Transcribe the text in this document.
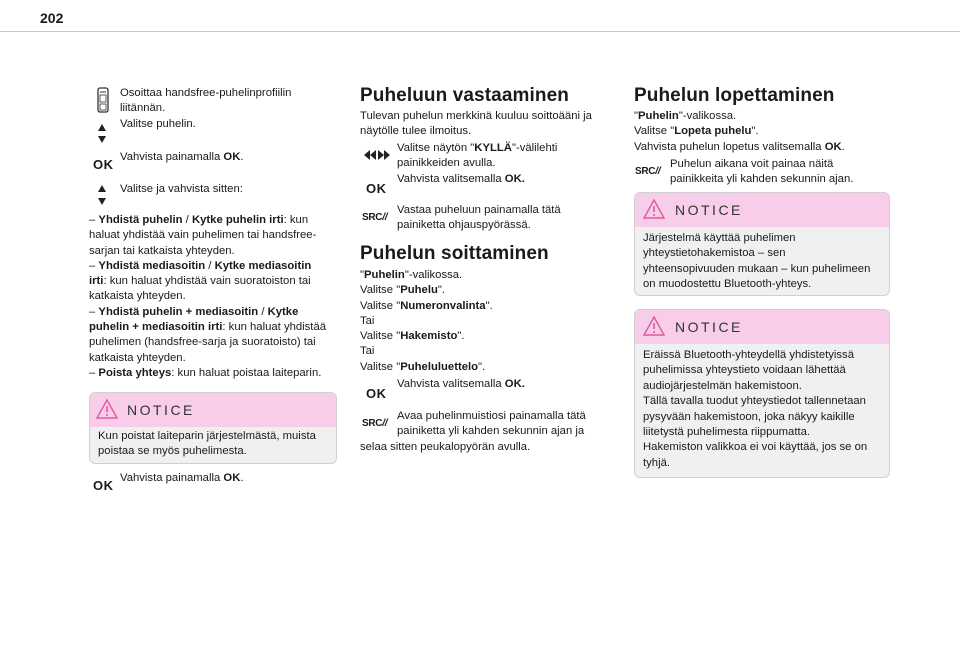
202
Osoittaa handsfree-puhelinprofiilin
liitännän.
Valitse puhelin.
OK Vahvista painamalla OK.
Valitse ja vahvista sitten:
– Yhdistä puhelin / Kytke puhelin irti: kun
haluat yhdistää vain puhelimen tai handsfree-
sarjan tai katkaista yhteyden.
– Yhdistä mediasoitin / Kytke mediasoitin
irti: kun haluat yhdistää vain suoratoiston tai
katkaista yhteyden.
– Yhdistä puhelin + mediasoitin / Kytke
puhelin + mediasoitin irti: kun haluat yhdistää
puhelimen (handsfree-sarja ja suoratoisto) tai
katkaista yhteyden.
– Poista yhteys: kun haluat poistaa laiteparin.
NOTICE
Kun poistat laiteparin järjestelmästä, muista
poistaa se myös puhelimesta.
OK Vahvista painamalla OK.
Puheluun vastaaminen
Tulevan puhelun merkkinä kuuluu soittoääni ja
näytölle tulee ilmoitus.
Valitse näytön "KYLLÄ"-välilehti
painikkeiden avulla.
OK
Vahvista valitsemalla OK.
SRC//
Vastaa puheluun painamalla tätä
painiketta ohjauspyörässä.
Puhelun soittaminen
"Puhelin"-valikossa.
Valitse "Puhelu".
Valitse "Numeronvalinta".
Tai
Valitse "Hakemisto".
Tai
Valitse "Puheluluettelo".
OK
Vahvista valitsemalla OK.
SRC//
Avaa puhelinmuistiosi painamalla tätä
painiketta yli kahden sekunnin ajan ja
selaa sitten peukalopyörän avulla.
Puhelun lopettaminen
"Puhelin"-valikossa.
Valitse "Lopeta puhelu".
Vahvista puhelun lopetus valitsemalla OK.
SRC//
Puhelun aikana voit painaa näitä
painikkeita yli kahden sekunnin ajan.
NOTICE
Järjestelmä käyttää puhelimen
yhteystietohakemistoa – sen
yhteensopivuuden mukaan – kun puhelimeen
on muodostettu Bluetooth-yhteys.
NOTICE
Eräissä Bluetooth-yhteydellä yhdistetyissä
puhelimissa yhteystieto voidaan lähettää
audiojärjestelmän hakemistoon.
Tällä tavalla tuodut yhteystiedot tallennetaan
pysyvään hakemistoon, joka näkyy kaikille
liitetystä puhelimesta riippumatta.
Hakemiston valikkoa ei voi käyttää, jos se on
tyhjä.
